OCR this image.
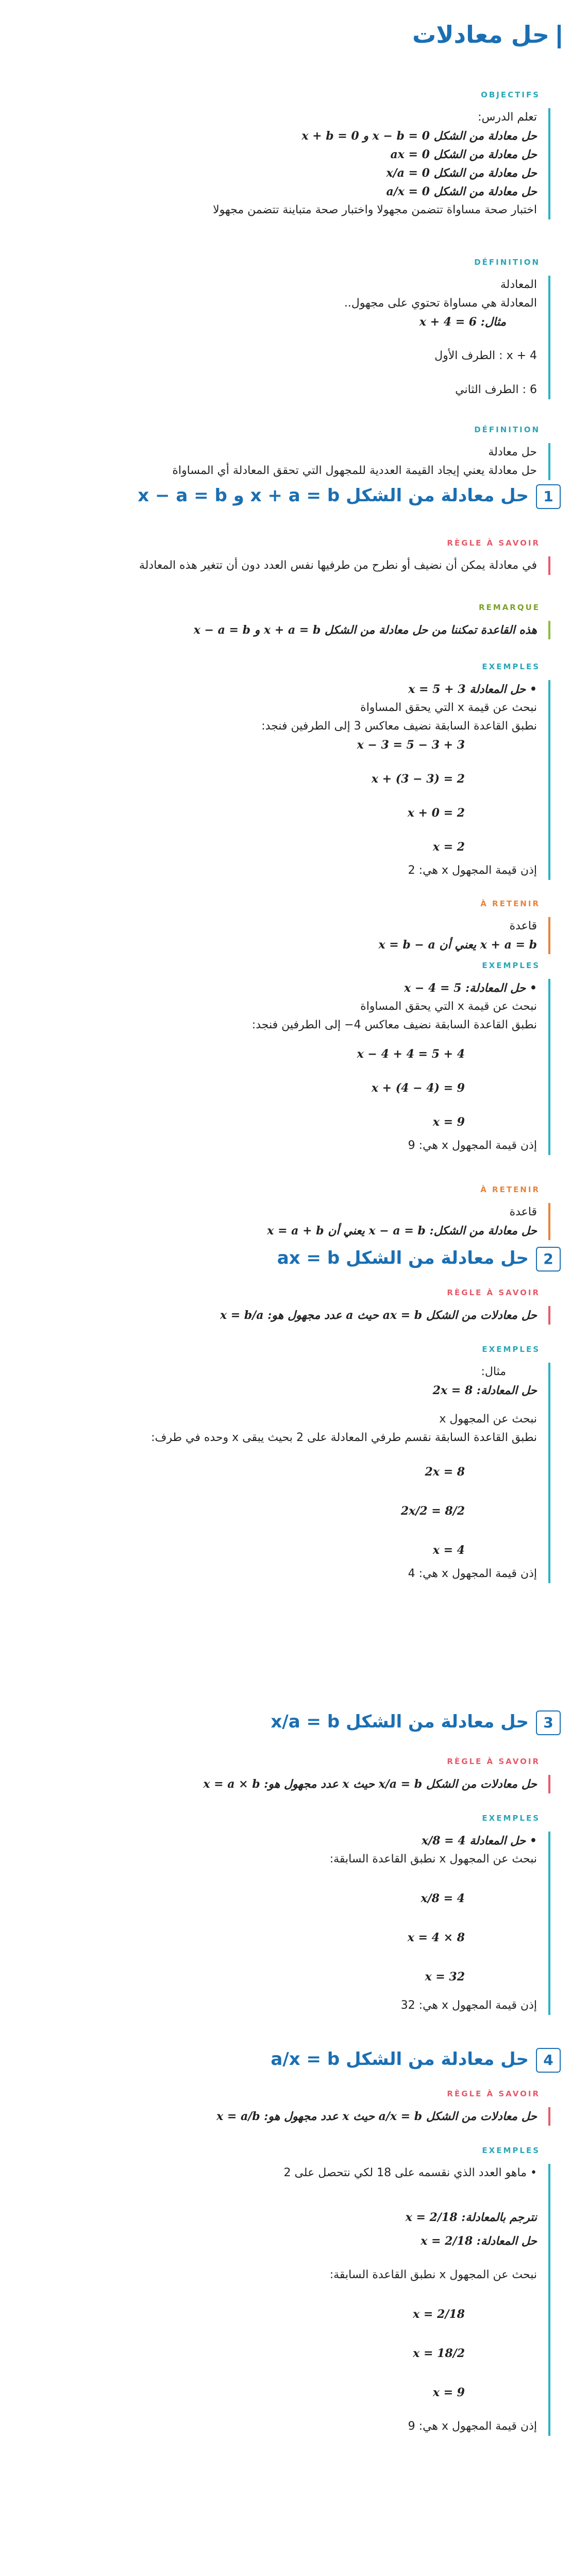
حل معادلات
OBJECTIFS
تعلم الدرس:
حل معادلة من الشكل x − b = 0 و x + b = 0
حل معادلة من الشكل ax = 0
حل معادلة من الشكل x/a = 0
حل معادلة من الشكل a/x = 0
اختبار صحة مساواة تتضمن مجهولا واختبار صحة متباينة تتضمن مجهولا
DÉFINITION
المعادلة
المعادلة هي مساواة تحتوي على مجهول..
مثال: x + 4 = 6
x + 4 : الطرف الأول
6 : الطرف الثاني
DÉFINITION
حل معادلة
حل معادلة يعني إيجاد القيمة العددية للمجهول التي تحقق المعادلة أي المساواة
1حل معادلة من الشكل x + a = b و x − a = b
RÈGLE À SAVOIR
في معادلة يمكن أن نضيف أو نطرح من طرفيها نفس العدد دون أن تتغير هذه المعادلة
REMARQUE
هذه القاعدة تمكننا من حل معادلة من الشكل x + a = b و x − a = b
EXEMPLES
• حل المعادلة 3 + x = 5
نبحث عن قيمة x التي يحقق المساواة
نطبق القاعدة السابقة نضيف معاكس 3 إلى الطرفين فنجد:
3 + x − 3 = 5 − 3
x + (3 − 3) = 2
x + 0 = 2
x = 2
إذن قيمة المجهول x هي: 2
À RETENIR
قاعدة
x + a = b يعني أن x = b − a
EXEMPLES
• حل المعادلة: x − 4 = 5
نبحث عن قيمة x التي يحقق المساواة
نطبق القاعدة السابقة نضيف معاكس 4− إلى الطرفين فنجد:
x − 4 + 4 = 5 + 4
x + (4 − 4) = 9
x = 9
إذن قيمة المجهول x هي: 9
À RETENIR
قاعدة
حل معادلة من الشكل: x − a = b يعني أن x = a + b
2حل معادلة من الشكل ax = b
RÈGLE À SAVOIR
حل معادلات من الشكل ax = b حيث a عدد مجهول هو: x = b/a
EXEMPLES
مثال:
حل المعادلة: 2x = 8
نبحث عن المجهول x
نطبق القاعدة السابقة نقسم طرفي المعادلة على 2 بحيث يبقى x وحده في طرف:
2x = 8
2x/2 = 8/2
x = 4
إذن قيمة المجهول x هي: 4
3حل معادلة من الشكل x/a = b
RÈGLE À SAVOIR
حل معادلات من الشكل x/a = b حيث x عدد مجهول هو: x = a × b
EXEMPLES
• حل المعادلة x/8 = 4
نبحث عن المجهول x نطبق القاعدة السابقة:
x/8 = 4
x = 4 × 8
x = 32
إذن قيمة المجهول x هي: 32
4حل معادلة من الشكل a/x = b
RÈGLE À SAVOIR
حل معادلات من الشكل a/x = b حيث x عدد مجهول هو: x = a/b
EXEMPLES
• ماهو العدد الذي نقسمه على 18 لكي نتحصل على 2
نترجم بالمعادلة: 18/x = 2
حل المعادلة: 18/x = 2
نبحث عن المجهول x نطبق القاعدة السابقة:
18/x = 2
x = 18/2
x = 9
إذن قيمة المجهول x هي: 9
